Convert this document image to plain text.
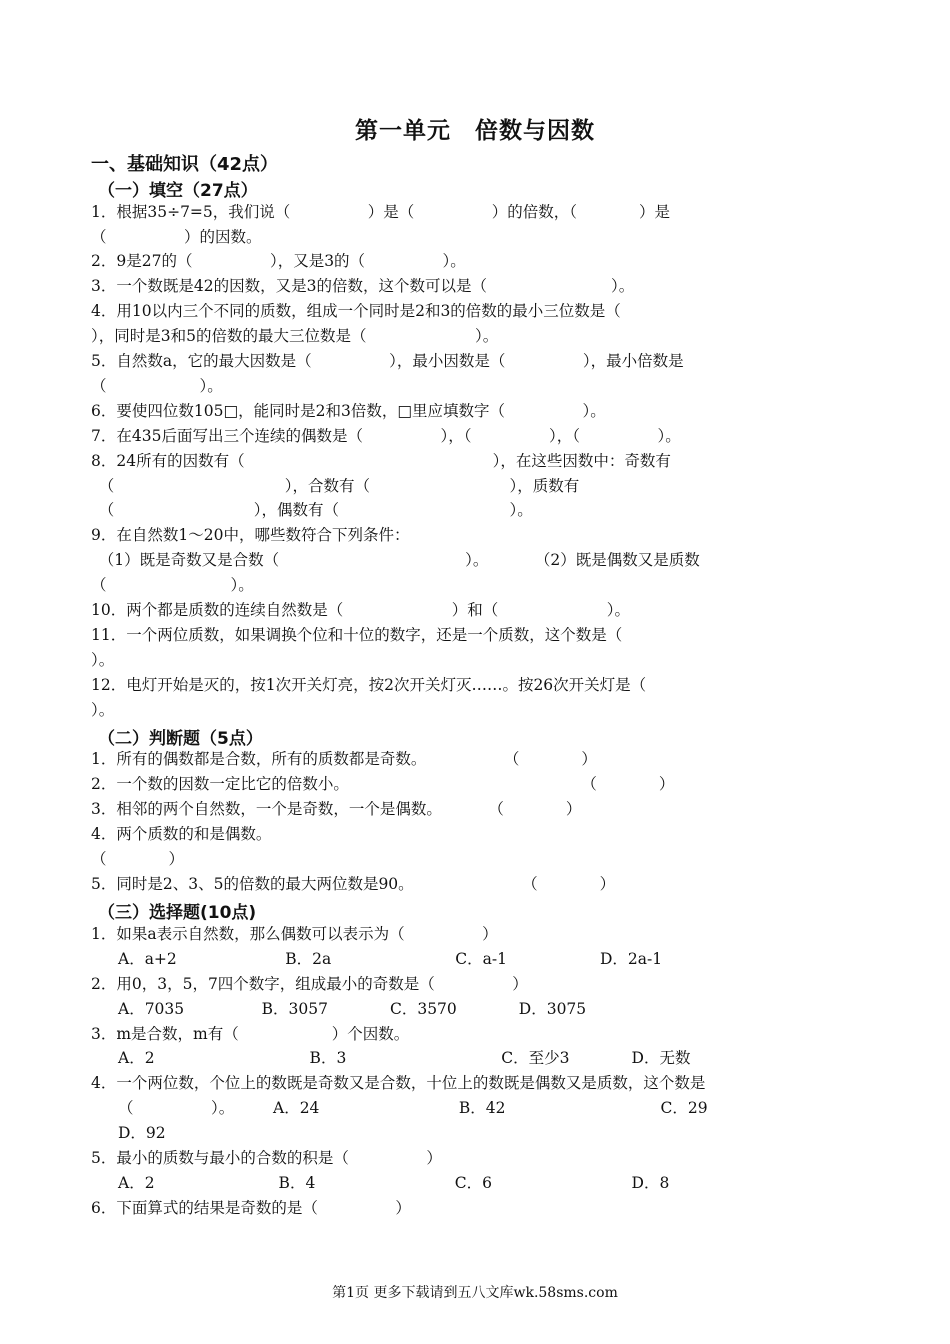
第一单元　倍数与因数
一、基础知识（42点）
（一）填空（27点）
1．根据35÷7=5，我们说（　　　　　）是（　　　　　）的倍数，（　　　　）是
（　　　　　）的因数。
2．9是27的（　　　　　），又是3的（　　　　　）。
3．一个数既是42的因数，又是3的倍数，这个数可以是（　　　　　　　　）。
4．用10以内三个不同的质数，组成一个同时是2和3的倍数的最小三位数是（
），同时是3和5的倍数的最大三位数是（　　　　　　　）。
5．自然数a，它的最大因数是（　　　　　），最小因数是（　　　　　），最小倍数是
（　　　　　　）。
6．要使四位数105□，能同时是2和3倍数，□里应填数字（　　　　　）。
7．在435后面写出三个连续的偶数是（　　　　　），（　　　　　），（　　　　　）。
8．24所有的因数有（　　　　　　　　　　　　　　　　），在这些因数中：奇数有
　（　　　　　　　　　　　），合数有（　　　　　　　　　），质数有
　（　　　　　　　　　），偶数有（　　　　　　　　　　　）。
9．在自然数1～20中，哪些数符合下列条件：
　（1）既是奇数又是合数（　　　　　　　　　　　　）。　　　　（2）既是偶数又是质数
（　　　　　　　　）。
10．两个都是质数的连续自然数是（　　　　　　　）和（　　　　　　　）。
11．一个两位质数，如果调换个位和十位的数字，还是一个质数，这个数是（
）。
12．电灯开始是灭的，按1次开关灯亮，按2次开关灯灭……。按26次开关灯是（
）。
（二）判断题（5点）
1．所有的偶数都是合数，所有的质数都是奇数。　　　　　　（　　　　）
2．一个数的因数一定比它的倍数小。　　　　　　　　　　　　　　　　（　　　　）
3．相邻的两个自然数，一个是奇数，一个是偶数。　　　　（　　　　）
4．两个质数的和是偶数。
（　　　　）
5．同时是2、3、5的倍数的最大两位数是90。　　　　　　　　（　　　　）
（三）选择题(10点)
1．如果a表示自然数，那么偶数可以表示为（　　　　　）
A．a+2　　　　　　　B．2a　　　　　　　　C．a-1　　　　　　D．2a-1
2．用0，3，5，7四个数字，组成最小的奇数是（　　　　　）
A．7035　　　　　B．3057　　　　C．3570　　　　D．3075
3．m是合数，m有（　　　　　　）个因数。
A．2　　　　　　　　　　B．3　　　　　　　　　　C．至少3　　　　D．无数
4．一个两位数，个位上的数既是奇数又是合数，十位上的数既是偶数又是质数，这个数是
（　　　　　）。　　　A．24　　　　　　　　　B．42　　　　　　　　　　C．29
D．92
5．最小的质数与最小的合数的积是（　　　　　）
A．2　　　　　　　　B．4　　　　　　　　　C．6　　　　　　　　　D．8
6．下面算式的结果是奇数的是（　　　　　）
第1页 更多下载请到五八文库wk.58sms.com
